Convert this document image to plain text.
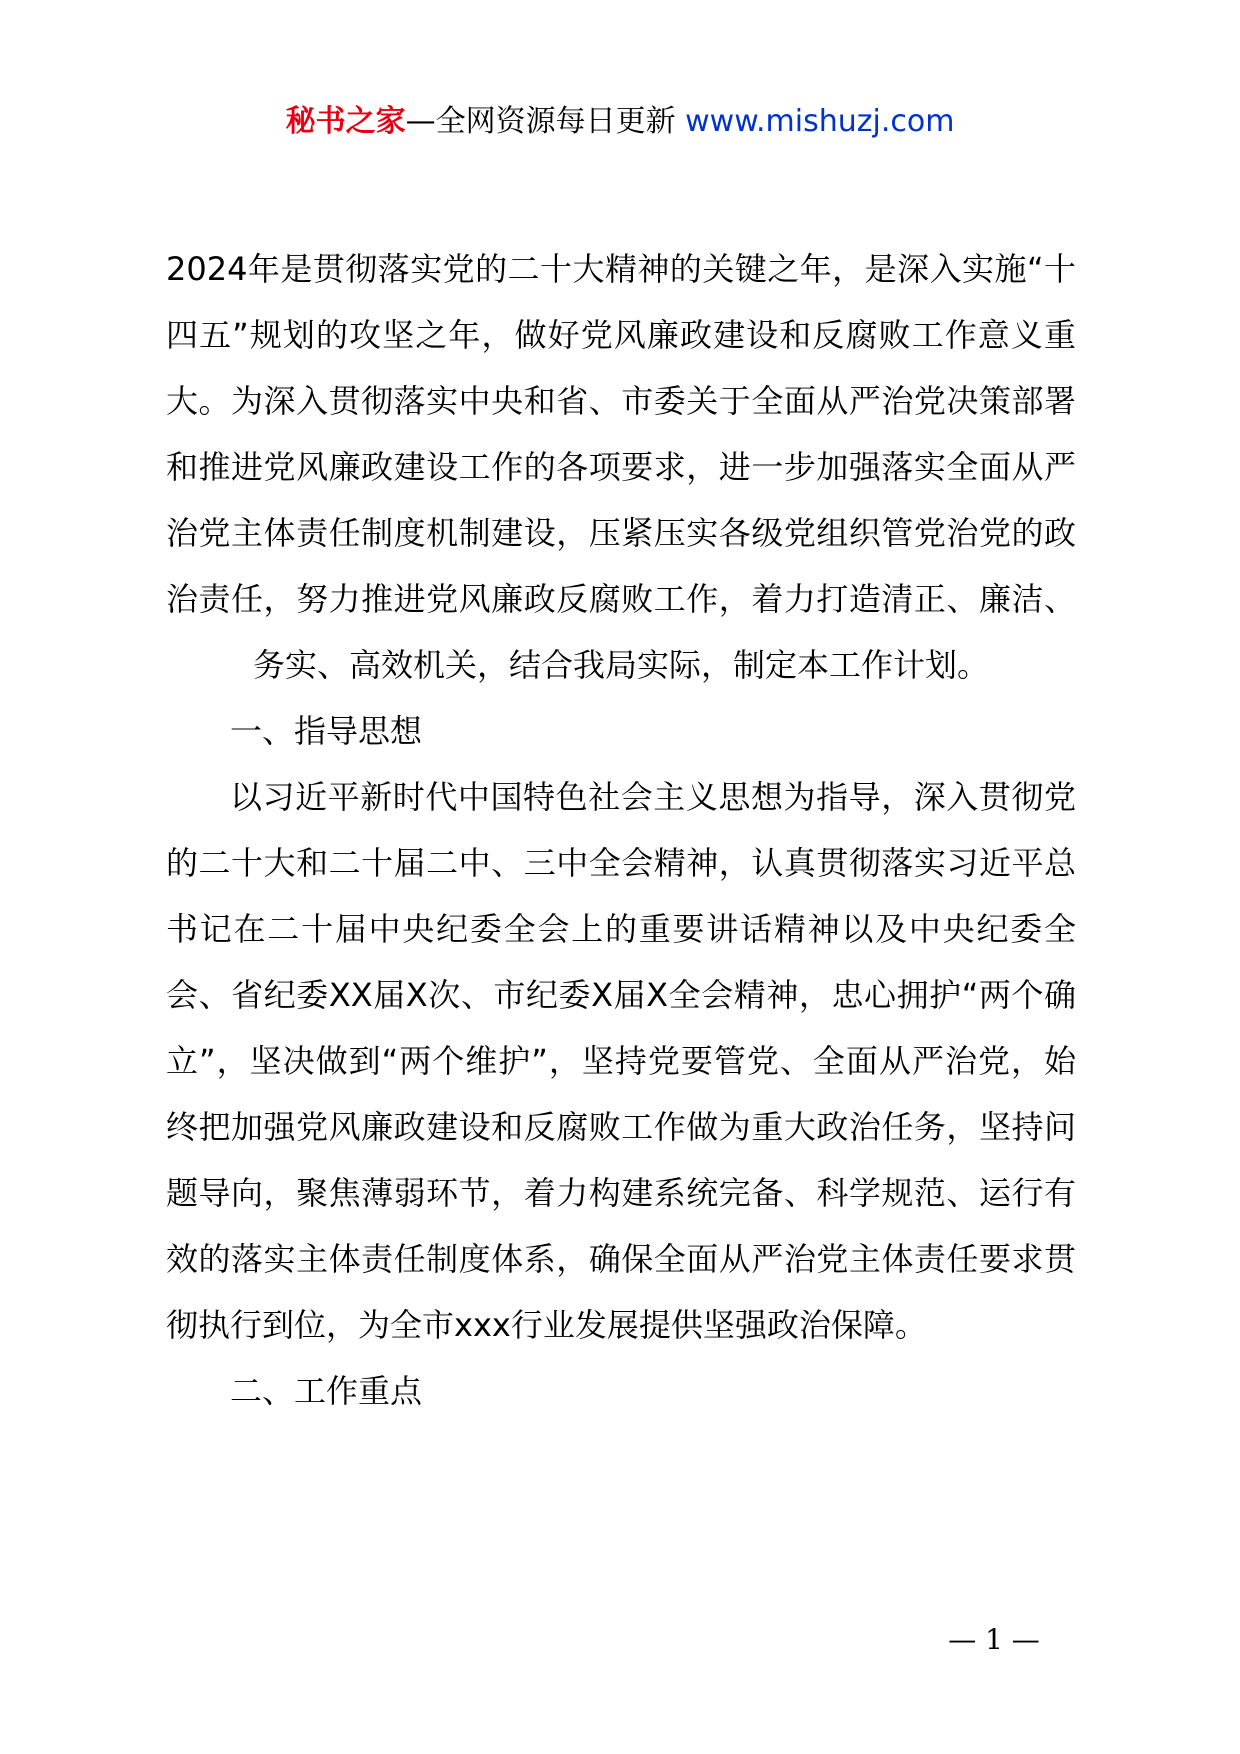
秘书之家—全网资源每日更新 www.mishuzj.com

2024年是贯彻落实党的二十大精神的关键之年，是深入实施“十四五”规划的攻坚之年，做好党风廉政建设和反腐败工作意义重大。为深入贯彻落实中央和省、市委关于全面从严治党决策部署和推进党风廉政建设工作的各项要求，进一步加强落实全面从严治党主体责任制度机制建设，压紧压实各级党组织管党治党的政治责任，努力推进党风廉政反腐败工作，着力打造清正、廉洁、务实、高效机关，结合我局实际，制定本工作计划。

一、指导思想

以习近平新时代中国特色社会主义思想为指导，深入贯彻党的二十大和二十届二中、三中全会精神，认真贯彻落实习近平总书记在二十届中央纪委全会上的重要讲话精神以及中央纪委全会、省纪委XX届X次、市纪委X届X全会精神，忠心拥护“两个确立”，坚决做到“两个维护”，坚持党要管党、全面从严治党，始终把加强党风廉政建设和反腐败工作做为重大政治任务，坚持问题导向，聚焦薄弱环节，着力构建系统完备、科学规范、运行有效的落实主体责任制度体系，确保全面从严治党主体责任要求贯彻执行到位，为全市xxx行业发展提供坚强政治保障。

二、工作重点

— 1 —
